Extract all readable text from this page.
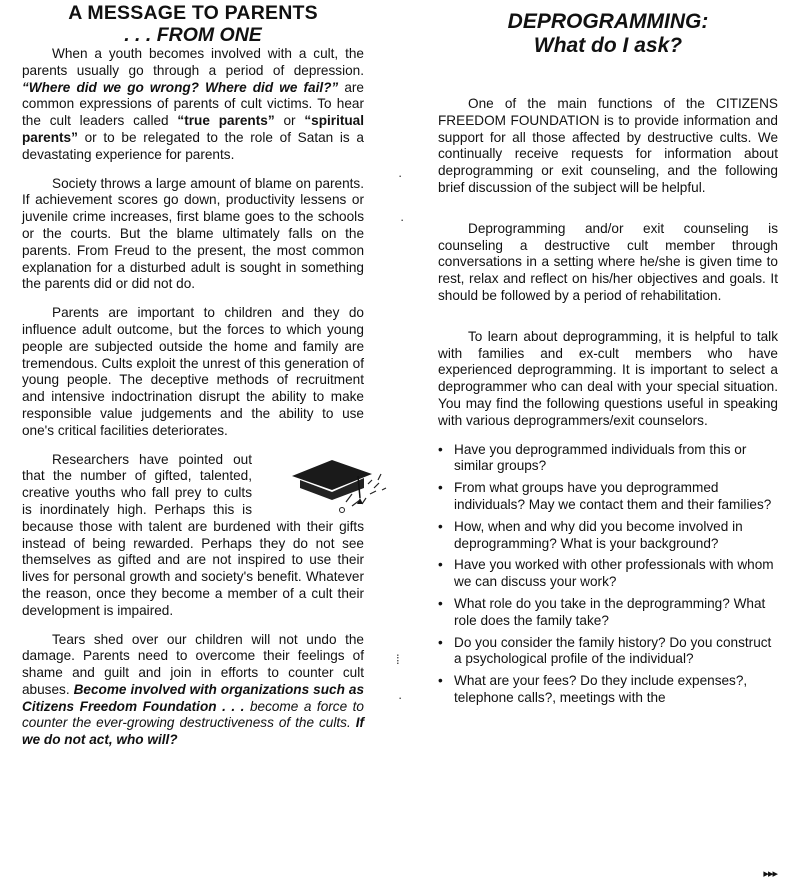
A MESSAGE TO PARENTS
. . . FROM ONE

When a youth becomes involved with a cult, the parents usually go through a period of depression. “Where did we go wrong? Where did we fail?” are common expressions of parents of cult victims. To hear the cult leaders called “true parents” or “spiritual parents” or to be relegated to the role of Satan is a devastating experience for parents.

Society throws a large amount of blame on parents. If achievement scores go down, productivity lessens or juvenile crime increases, first blame goes to the schools or the courts. But the blame ultimately falls on the parents. From Freud to the present, the most common explanation for a disturbed adult is sought in something the parents did or did not do.

Parents are important to children and they do influence adult outcome, but the forces to which young people are subjected outside the home and family are tremendous. Cults exploit the unrest of this generation of young people. The deceptive methods of recruitment and intensive indoctrination disrupt the ability to make responsible value judgements and the ability to use one's critical facilities deteriorates.

Researchers have pointed out that the number of gifted, talented, creative youths who fall prey to cults is inordinately high. Perhaps this is because those with talent are burdened with their gifts instead of being rewarded. Perhaps they do not see themselves as gifted and are not inspired to use their lives for personal growth and society's benefit. Whatever the reason, once they become a member of a cult their development is impaired.

Tears shed over our children will not undo the damage. Parents need to overcome their feelings of shame and guilt and join in efforts to counter cult abuses. Become involved with organizations such as Citizens Freedom Foundation . . . become a force to counter the ever-growing destructiveness of the cults. If we do not act, who will?

DEPROGRAMMING:
What do I ask?

One of the main functions of the CITIZENS FREEDOM FOUNDATION is to provide information and support for all those affected by destructive cults. We continually receive requests for information about deprogramming or exit counseling, and the following brief discussion of the subject will be helpful.

Deprogramming and/or exit counseling is counseling a destructive cult member through conversations in a setting where he/she is given time to rest, relax and reflect on his/her objectives and goals. It should be followed by a period of rehabilitation.

To learn about deprogramming, it is helpful to talk with families and ex-cult members who have experienced deprogramming. It is important to select a deprogrammer who can deal with your special situation. You may find the following questions useful in speaking with various deprogrammers/exit counselors.

• Have you deprogrammed individuals from this or similar groups?
• From what groups have you deprogrammed individuals? May we contact them and their families?
• How, when and why did you become involved in deprogramming? What is your background?
• Have you worked with other professionals with whom we can discuss your work?
• What role do you take in the deprogramming? What role does the family take?
• Do you consider the family history? Do you construct a psychological profile of the individual?
• What are your fees? Do they include expenses?, telephone calls?, meetings with the
▸▸▸
·
·
⁞
·
